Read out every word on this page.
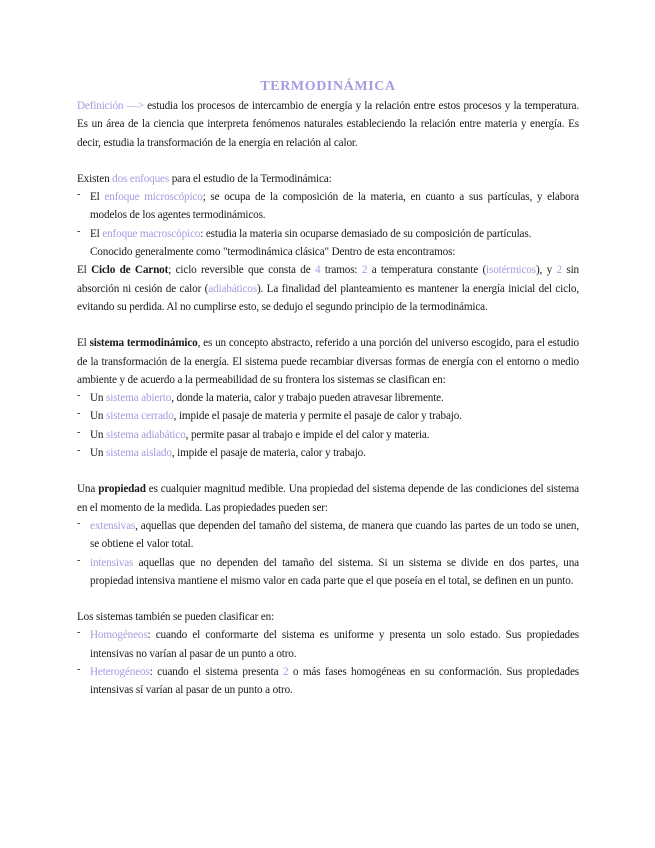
TERMODINÁMICA

Definición —> estudia los procesos de intercambio de energía y la relación entre estos procesos y la temperatura. Es un área de la ciencia que interpreta fenómenos naturales estableciendo la relación entre materia y energía. Es decir, estudia la transformación de la energía en relación al calor.

Existen dos enfoques para el estudio de la Termodinámica:

- El enfoque microscópico; se ocupa de la composición de la materia, en cuanto a sus partículas, y elabora modelos de los agentes termodinámicos.
- El enfoque macroscópico: estudia la materia sin ocuparse demasiado de su composición de partículas.

Conocido generalmente como "termodinámica clásica" Dentro de esta encontramos:

El Ciclo de Carnot; ciclo reversible que consta de 4 tramos: 2 a temperatura constante (isotérmicos), y 2 sin absorción ni cesión de calor (adiabáticos). La finalidad del planteamiento es mantener la energía inicial del ciclo, evitando su perdida. Al no cumplirse esto, se dedujo el segundo principio de la termodinámica.

El sistema termodinámico, es un concepto abstracto, referido a una porción del universo escogido, para el estudio de la transformación de la energía. El sistema puede recambiar diversas formas de energía con el entorno o medio ambiente y de acuerdo a la permeabilidad de su frontera los sistemas se clasifican en:

- Un sistema abierto, donde la materia, calor y trabajo pueden atravesar libremente.
- Un sistema cerrado, impide el pasaje de materia y permite el pasaje de calor y trabajo.
- Un sistema adiabático, permite pasar al trabajo e impide el del calor y materia.
- Un sistema aislado, impide el pasaje de materia, calor y trabajo.

Una propiedad es cualquier magnitud medible. Una propiedad del sistema depende de las condiciones del sistema en el momento de la medida. Las propiedades pueden ser:

- extensivas, aquellas que dependen del tamaño del sistema, de manera que cuando las partes de un todo se unen, se obtiene el valor total.
- intensivas aquellas que no dependen del tamaño del sistema. Si un sistema se divide en dos partes, una propiedad intensiva mantiene el mismo valor en cada parte que el que poseía en el total, se definen en un punto.

Los sistemas también se pueden clasificar en:

- Homogéneos: cuando el conformarte del sistema es uniforme y presenta un solo estado. Sus propiedades intensivas no varían al pasar de un punto a otro.
- Heterogéneos: cuando el sistema presenta 2 o más fases homogéneas en su conformación. Sus propiedades intensivas sí varían al pasar de un punto a otro.
